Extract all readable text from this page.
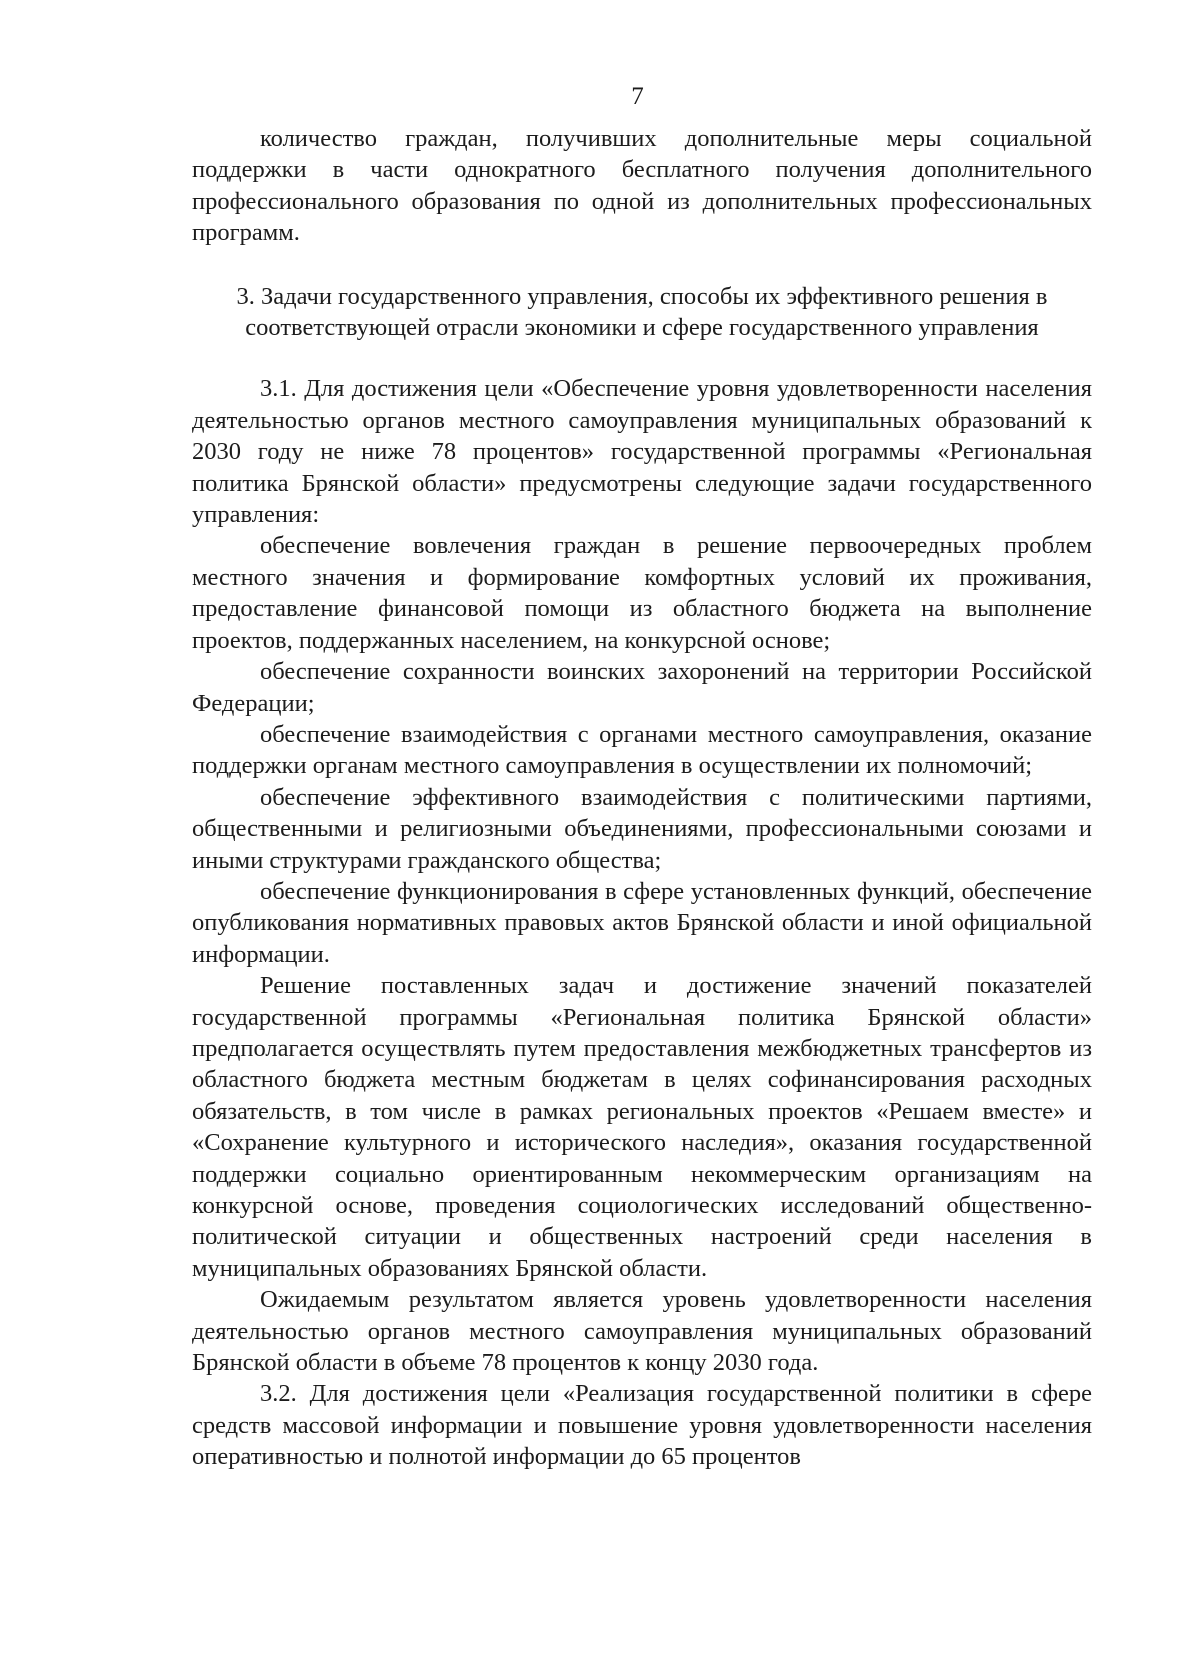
7

количество граждан, получивших дополнительные меры социальной поддержки в части однократного бесплатного получения дополнительного профессионального образования по одной из дополнительных профессиональных программ.

3. Задачи государственного управления, способы их эффективного решения в соответствующей отрасли экономики и сфере государственного управления

3.1. Для достижения цели «Обеспечение уровня удовлетворенности населения деятельностью органов местного самоуправления муниципальных образований к 2030 году не ниже 78 процентов» государственной программы «Региональная политика Брянской области» предусмотрены следующие задачи государственного управления:

обеспечение вовлечения граждан в решение первоочередных проблем местного значения и формирование комфортных условий их проживания, предоставление финансовой помощи из областного бюджета на выполнение проектов, поддержанных населением, на конкурсной основе;

обеспечение сохранности воинских захоронений на территории Российской Федерации;

обеспечение взаимодействия с органами местного самоуправления, оказание поддержки органам местного самоуправления в осуществлении их полномочий;

обеспечение эффективного взаимодействия с политическими партиями, общественными и религиозными объединениями, профессиональными союзами и иными структурами гражданского общества;

обеспечение функционирования в сфере установленных функций, обеспечение опубликования нормативных правовых актов Брянской области и иной официальной информации.

Решение поставленных задач и достижение значений показателей государственной программы «Региональная политика Брянской области» предполагается осуществлять путем предоставления межбюджетных трансфертов из областного бюджета местным бюджетам в целях софинансирования расходных обязательств, в том числе в рамках региональных проектов «Решаем вместе» и «Сохранение культурного и исторического наследия», оказания государственной поддержки социально ориентированным некоммерческим организациям на конкурсной основе, проведения социологических исследований общественно-политической ситуации и общественных настроений среди населения в муниципальных образованиях Брянской области.

Ожидаемым результатом является уровень удовлетворенности населения деятельностью органов местного самоуправления муниципальных образований Брянской области в объеме 78 процентов к концу 2030 года.

3.2. Для достижения цели «Реализация государственной политики в сфере средств массовой информации и повышение уровня удовлетворенности населения оперативностью и полнотой информации до 65 процентов
